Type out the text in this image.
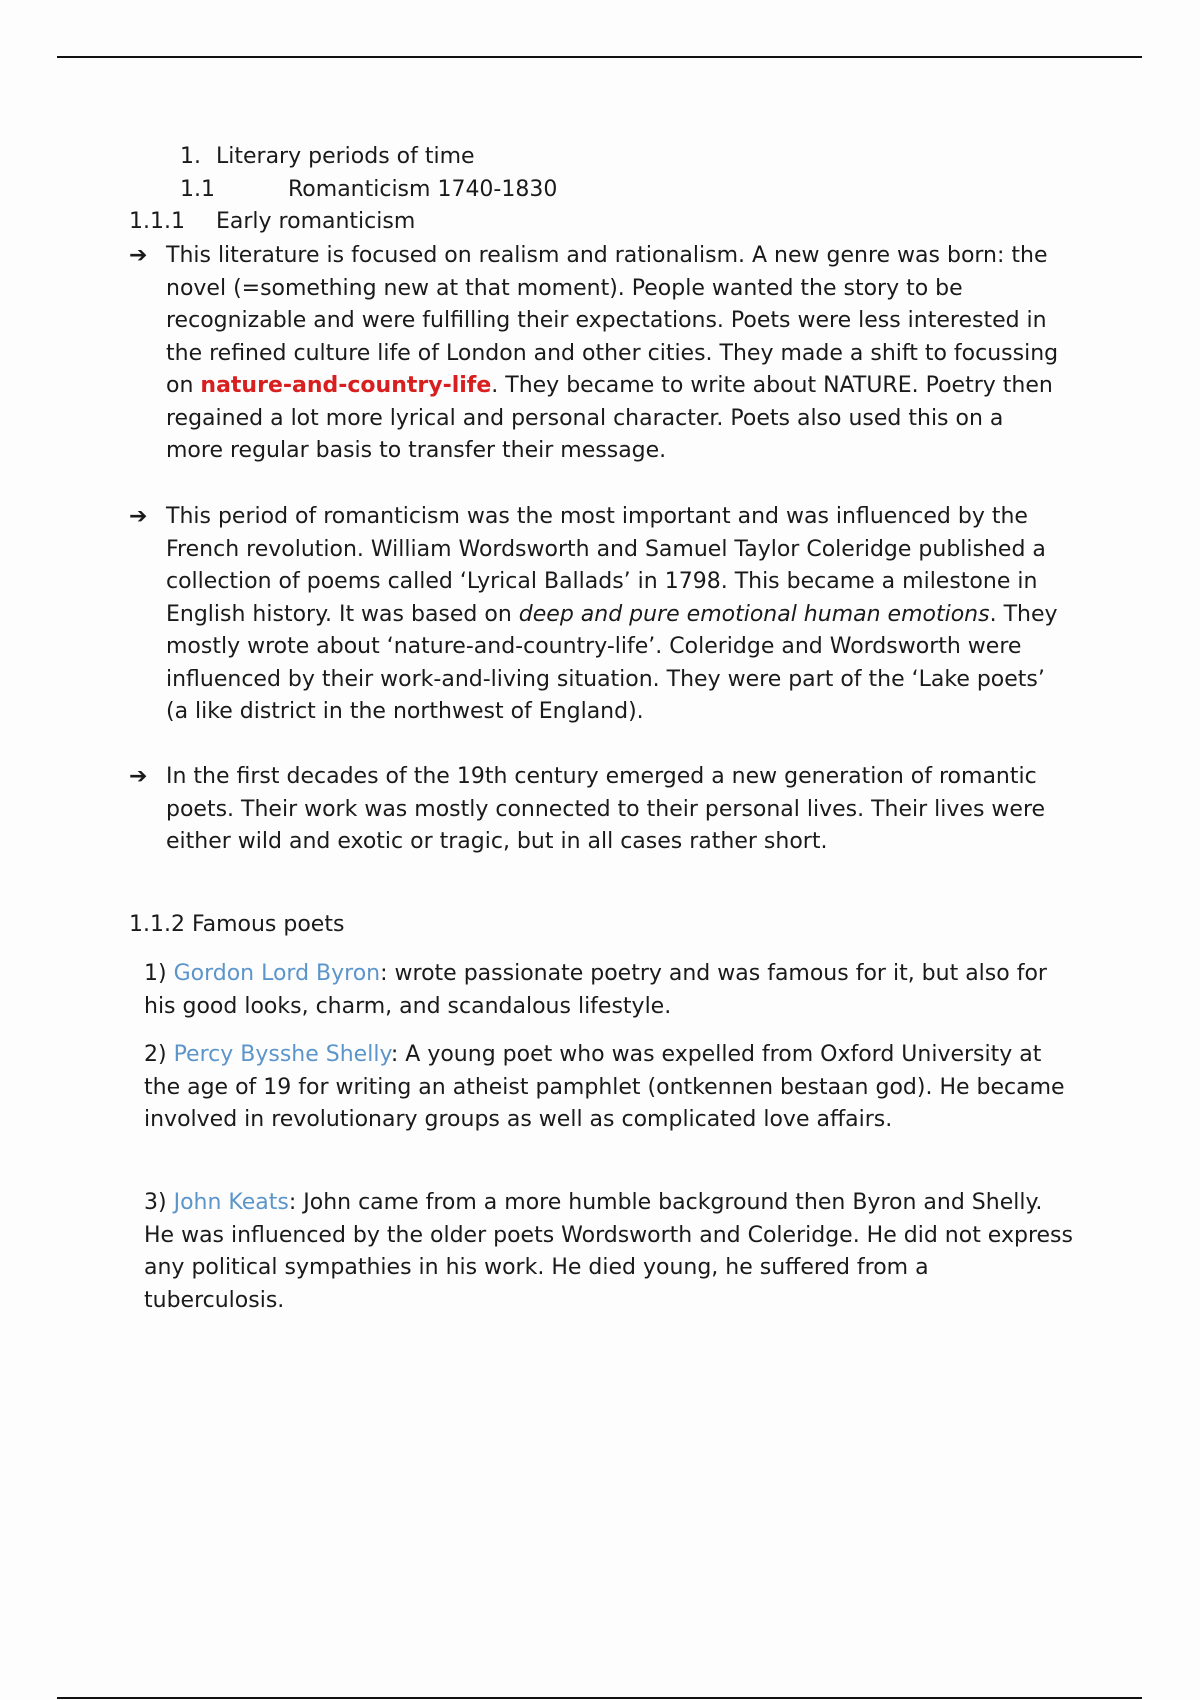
1. Literary periods of time
1.1	Romanticism 1740-1830
1.1.1 Early romanticism
➔ This literature is focused on realism and rationalism. A new genre was born: the novel (=something new at that moment). People wanted the story to be recognizable and were fulfilling their expectations. Poets were less interested in the refined culture life of London and other cities. They made a shift to focussing on nature-and-country-life. They became to write about NATURE. Poetry then regained a lot more lyrical and personal character. Poets also used this on a more regular basis to transfer their message.
➔ This period of romanticism was the most important and was influenced by the French revolution. William Wordsworth and Samuel Taylor Coleridge published a collection of poems called ‘Lyrical Ballads’ in 1798. This became a milestone in English history. It was based on deep and pure emotional human emotions. They mostly wrote about ‘nature-and-country-life’. Coleridge and Wordsworth were influenced by their work-and-living situation. They were part of the ‘Lake poets’ (a like district in the northwest of England).
➔ In the first decades of the 19th century emerged a new generation of romantic poets. Their work was mostly connected to their personal lives. Their lives were either wild and exotic or tragic, but in all cases rather short.
1.1.2 Famous poets
1) Gordon Lord Byron: wrote passionate poetry and was famous for it, but also for his good looks, charm, and scandalous lifestyle.
2) Percy Bysshe Shelly: A young poet who was expelled from Oxford University at the age of 19 for writing an atheist pamphlet (ontkennen bestaan god). He became involved in revolutionary groups as well as complicated love affairs.
3) John Keats: John came from a more humble background then Byron and Shelly. He was influenced by the older poets Wordsworth and Coleridge. He did not express any political sympathies in his work. He died young, he suffered from a tuberculosis.
